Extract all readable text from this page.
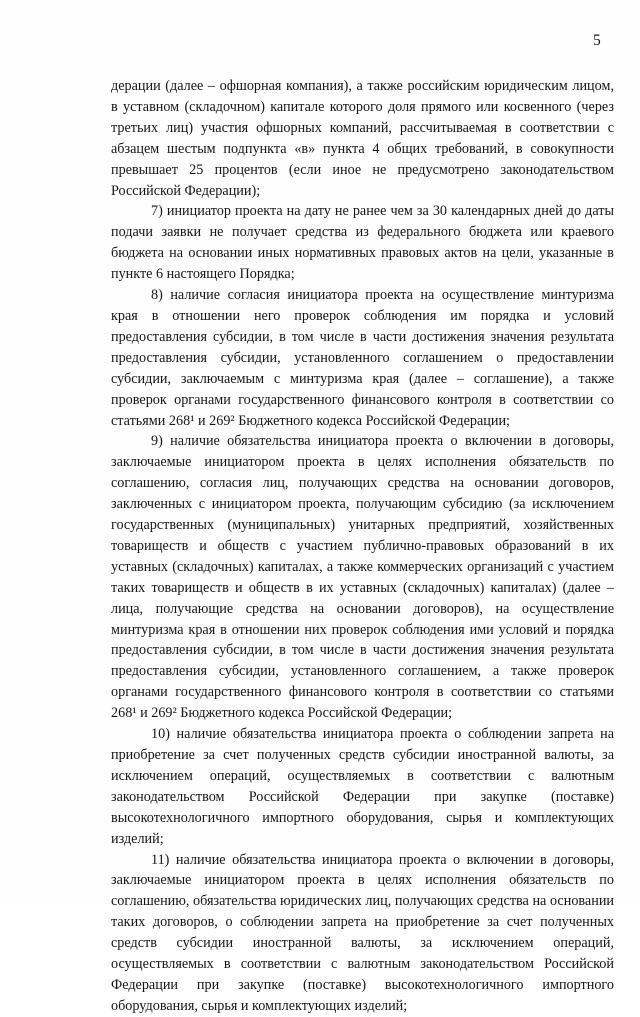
5

дерации (далее – офшорная компания), а также российским юридическим лицом, в уставном (складочном) капитале которого доля прямого или косвенного (через третьих лиц) участия офшорных компаний, рассчитываемая в соответствии с абзацем шестым подпункта «в» пункта 4 общих требований, в совокупности превышает 25 процентов (если иное не предусмотрено законодательством Российской Федерации);

7) инициатор проекта на дату не ранее чем за 30 календарных дней до даты подачи заявки не получает средства из федерального бюджета или краевого бюджета на основании иных нормативных правовых актов на цели, указанные в пункте 6 настоящего Порядка;

8) наличие согласия инициатора проекта на осуществление минтуризма края в отношении него проверок соблюдения им порядка и условий предоставления субсидии, в том числе в части достижения значения результата предоставления субсидии, установленного соглашением о предоставлении субсидии, заключаемым с минтуризма края (далее – соглашение), а также проверок органами государственного финансового контроля в соответствии со статьями 268¹ и 269² Бюджетного кодекса Российской Федерации;

9) наличие обязательства инициатора проекта о включении в договоры, заключаемые инициатором проекта в целях исполнения обязательств по соглашению, согласия лиц, получающих средства на основании договоров, заключенных с инициатором проекта, получающим субсидию (за исключением государственных (муниципальных) унитарных предприятий, хозяйственных товариществ и обществ с участием публично-правовых образований в их уставных (складочных) капиталах, а также коммерческих организаций с участием таких товариществ и обществ в их уставных (складочных) капиталах) (далее – лица, получающие средства на основании договоров), на осуществление минтуризма края в отношении них проверок соблюдения ими условий и порядка предоставления субсидии, в том числе в части достижения значения результата предоставления субсидии, установленного соглашением, а также проверок органами государственного финансового контроля в соответствии со статьями 268¹ и 269² Бюджетного кодекса Российской Федерации;

10) наличие обязательства инициатора проекта о соблюдении запрета на приобретение за счет полученных средств субсидии иностранной валюты, за исключением операций, осуществляемых в соответствии с валютным законодательством Российской Федерации при закупке (поставке) высокотехнологичного импортного оборудования, сырья и комплектующих изделий;

11) наличие обязательства инициатора проекта о включении в договоры, заключаемые инициатором проекта в целях исполнения обязательств по соглашению, обязательства юридических лиц, получающих средства на основании таких договоров, о соблюдении запрета на приобретение за счет полученных средств субсидии иностранной валюты, за исключением операций, осуществляемых в соответствии с валютным законодательством Российской Федерации при закупке (поставке) высокотехнологичного импортного оборудования, сырья и комплектующих изделий;
